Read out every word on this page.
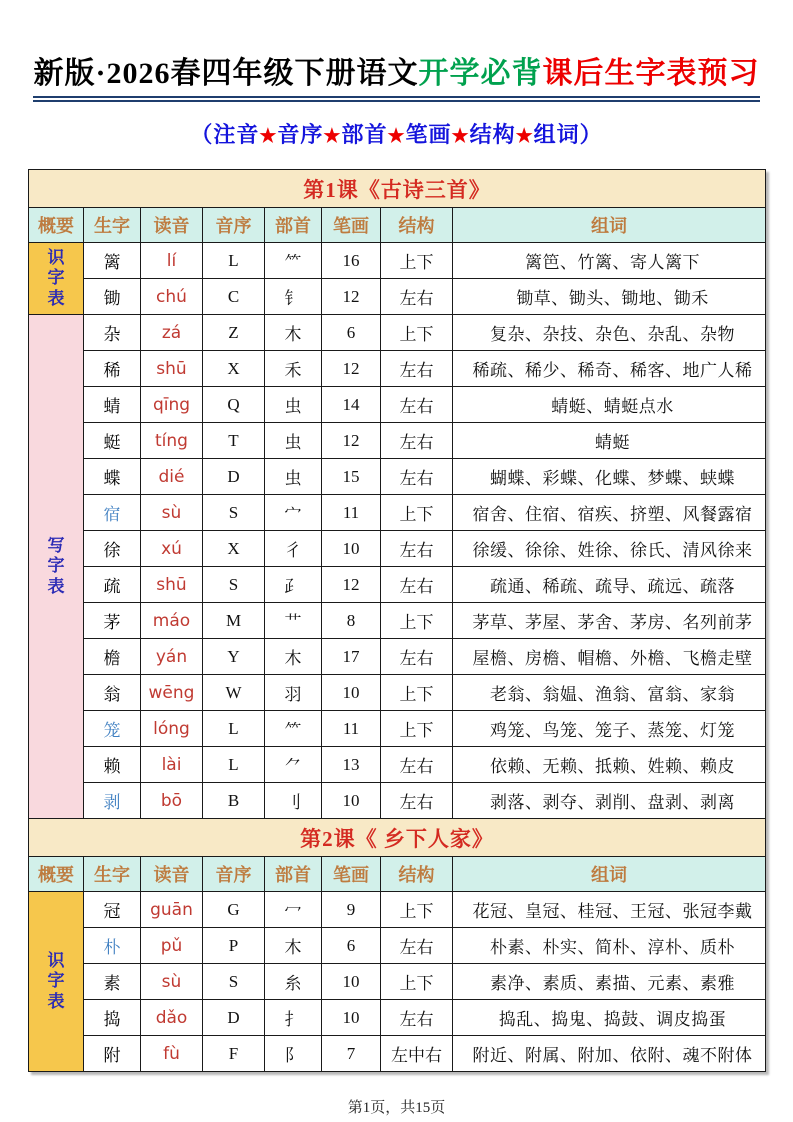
新版·2026春四年级下册语文开学必背课后生字表预习
（注音★音序★部首★笔画★结构★组词）
第1课《古诗三首》							
概要	生字	读音	音序	部首	笔画	结构	组词

识
字
表	篱	lí	L	⺮	16	上下	篱笆、竹篱、寄人篱下
	锄	chú	C	钅	12	左右	锄草、锄头、锄地、锄禾

写
字
表	杂	zá	Z	木	6	上下	复杂、杂技、杂色、杂乱、杂物
	稀	shū	X	禾	12	左右	稀疏、稀少、稀奇、稀客、地广人稀
	蜻	qīng	Q	虫	14	左右	蜻蜓、蜻蜓点水
	蜓	tíng	T	虫	12	左右	蜻蜓
	蝶	dié	D	虫	15	左右	蝴蝶、彩蝶、化蝶、梦蝶、蛱蝶
	宿	sù	S	宀	11	上下	宿舍、住宿、宿疾、挤塑、风餐露宿
	徐	xú	X	彳	10	左右	徐缓、徐徐、姓徐、徐氏、清风徐来
	疏	shū	S	⺪	12	左右	疏通、稀疏、疏导、疏远、疏落
	茅	máo	M	艹	8	上下	茅草、茅屋、茅舍、茅房、名列前茅
	檐	yán	Y	木	17	左右	屋檐、房檐、帽檐、外檐、飞檐走壁
	翁	wēng	W	羽	10	上下	老翁、翁媪、渔翁、富翁、家翁
	笼	lóng	L	⺮	11	上下	鸡笼、鸟笼、笼子、蒸笼、灯笼
	赖	lài	L	⺈	13	左右	依赖、无赖、抵赖、姓赖、赖皮
	剥	bō	B	刂	10	左右	剥落、剥夺、剥削、盘剥、剥离
第2课《 乡下人家》							
概要	生字	读音	音序	部首	笔画	结构	组词

识
字
表	冠	guān	G	冖	9	上下	花冠、皇冠、桂冠、王冠、张冠李戴
	朴	pǔ	P	木	6	左右	朴素、朴实、简朴、淳朴、质朴
	素	sù	S	糸	10	上下	素净、素质、素描、元素、素雅
	捣	dǎo	D	扌	10	左右	捣乱、捣鬼、捣鼓、调皮捣蛋
	附	fù	F	阝	7	左中右	附近、附属、附加、依附、魂不附体
第1页，共15页
